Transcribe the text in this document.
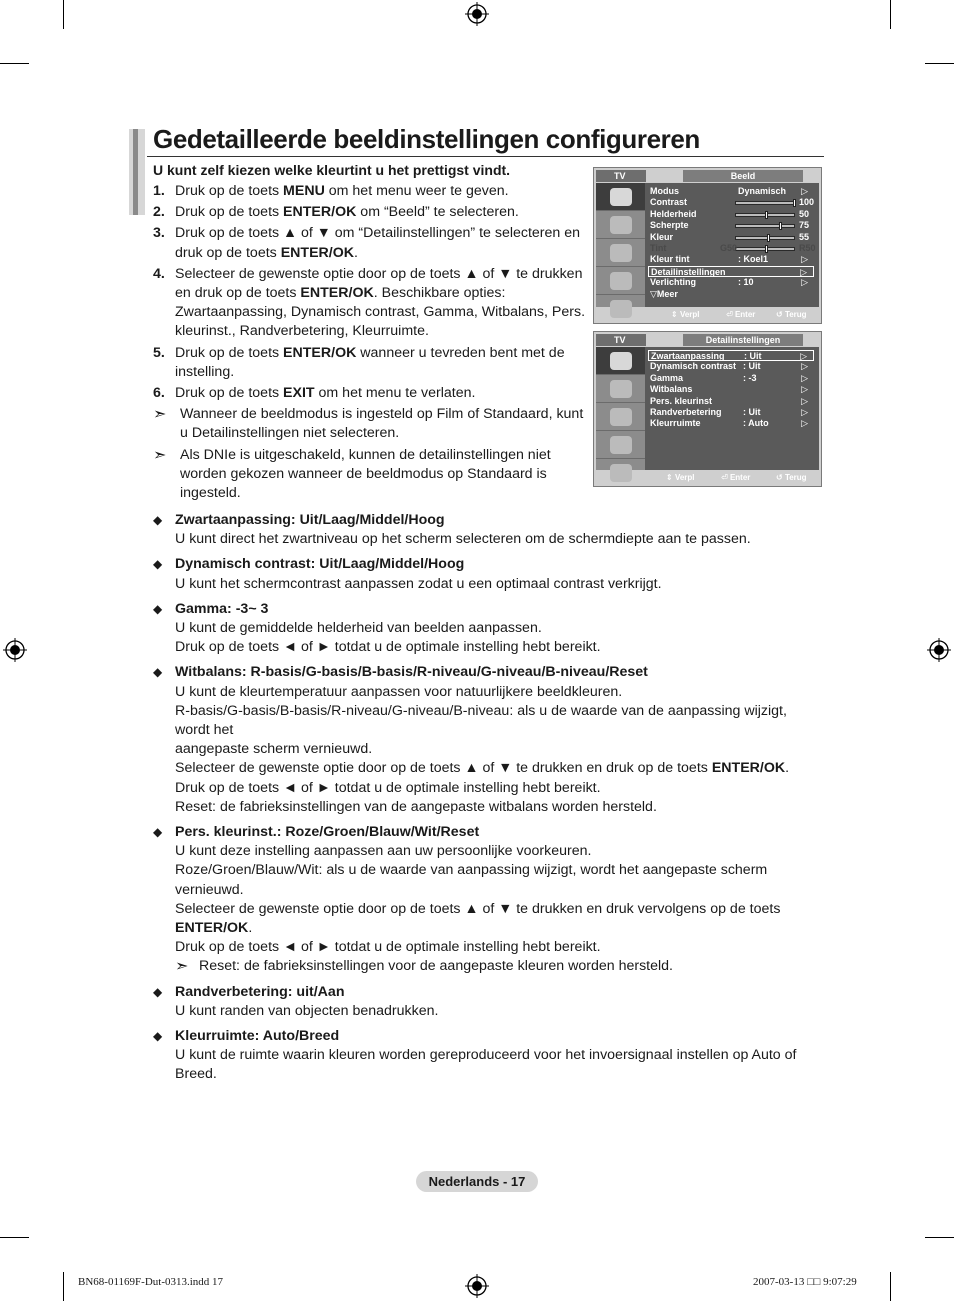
Gedetailleerde beeldinstellingen configureren
U kunt zelf kiezen welke kleurtint u het prettigst vindt.
1. Druk op de toets MENU om het menu weer te geven.
2. Druk op de toets ENTER/OK om “Beeld” te selecteren.
3. Druk op de toets ▲ of ▼ om “Detailinstellingen” te selecteren en druk op de toets ENTER/OK.
4. Selecteer de gewenste optie door op de toets ▲ of ▼ te drukken en druk op de toets ENTER/OK. Beschikbare opties: Zwartaanpassing, Dynamisch contrast, Gamma, Witbalans, Pers. kleurinst., Randverbetering, Kleurruimte.
5. Druk op de toets ENTER/OK wanneer u tevreden bent met de instelling.
6. Druk op de toets EXIT om het menu te verlaten.
➣ Wanneer de beeldmodus is ingesteld op Film of Standaard, kunt u Detailinstellingen niet selecteren.
➣ Als DNIe is uitgeschakeld, kunnen de detailinstellingen niet worden gekozen wanneer de beeldmodus op Standaard is ingesteld.
TV	Beeld
Modus	Dynamisch ▷
Contrast	100
Helderheid	50
Scherpte	75
Kleur	55
Tint	G50	R50
Kleur tint	: Koel1	▷
Detailinstellingen	▷
Verlichting	: 10	▷
▽Meer
⇕ Verpl	⏎ Enter	↺ Terug
TV	Detailinstellingen
Zwartaanpassing : Uit	▷
Dynamisch contrast : Uit	▷
Gamma	: -3	▷
Witbalans	▷
Pers. kleurinst	▷
Randverbetering : Uit	▷
Kleurruimte	: Auto	▷
⇕ Verpl	⏎ Enter	↺ Terug
◆ Zwartaanpassing: Uit/Laag/Middel/Hoog
U kunt direct het zwartniveau op het scherm selecteren om de schermdiepte aan te passen.
◆ Dynamisch contrast: Uit/Laag/Middel/Hoog
U kunt het schermcontrast aanpassen zodat u een optimaal contrast verkrijgt.
◆ Gamma: -3~ 3
U kunt de gemiddelde helderheid van beelden aanpassen.
Druk op de toets ◄ of ► totdat u de optimale instelling hebt bereikt.
◆ Witbalans: R-basis/G-basis/B-basis/R-niveau/G-niveau/B-niveau/Reset
U kunt de kleurtemperatuur aanpassen voor natuurlijkere beeldkleuren.
R-basis/G-basis/B-basis/R-niveau/G-niveau/B-niveau: als u de waarde van de aanpassing wijzigt, wordt het
aangepaste scherm vernieuwd.
Selecteer de gewenste optie door op de toets ▲ of ▼ te drukken en druk op de toets ENTER/OK.
Druk op de toets ◄ of ► totdat u de optimale instelling hebt bereikt.
Reset: de fabrieksinstellingen van de aangepaste witbalans worden hersteld.
◆ Pers. kleurinst.: Roze/Groen/Blauw/Wit/Reset
U kunt deze instelling aanpassen aan uw persoonlijke voorkeuren.
Roze/Groen/Blauw/Wit: als u de waarde van aanpassing wijzigt, wordt het aangepaste scherm vernieuwd.
Selecteer de gewenste optie door op de toets ▲ of ▼ te drukken en druk vervolgens op de toets ENTER/OK.
Druk op de toets ◄ of ► totdat u de optimale instelling hebt bereikt.
➣ Reset: de fabrieksinstellingen voor de aangepaste kleuren worden hersteld.
◆ Randverbetering: uit/Aan
U kunt randen van objecten benadrukken.
◆ Kleurruimte: Auto/Breed
U kunt de ruimte waarin kleuren worden gereproduceerd voor het invoersignaal instellen op Auto of Breed.
Nederlands - 17
BN68-01169F-Dut-0313.indd 17	2007-03-13 □□ 9:07:29
